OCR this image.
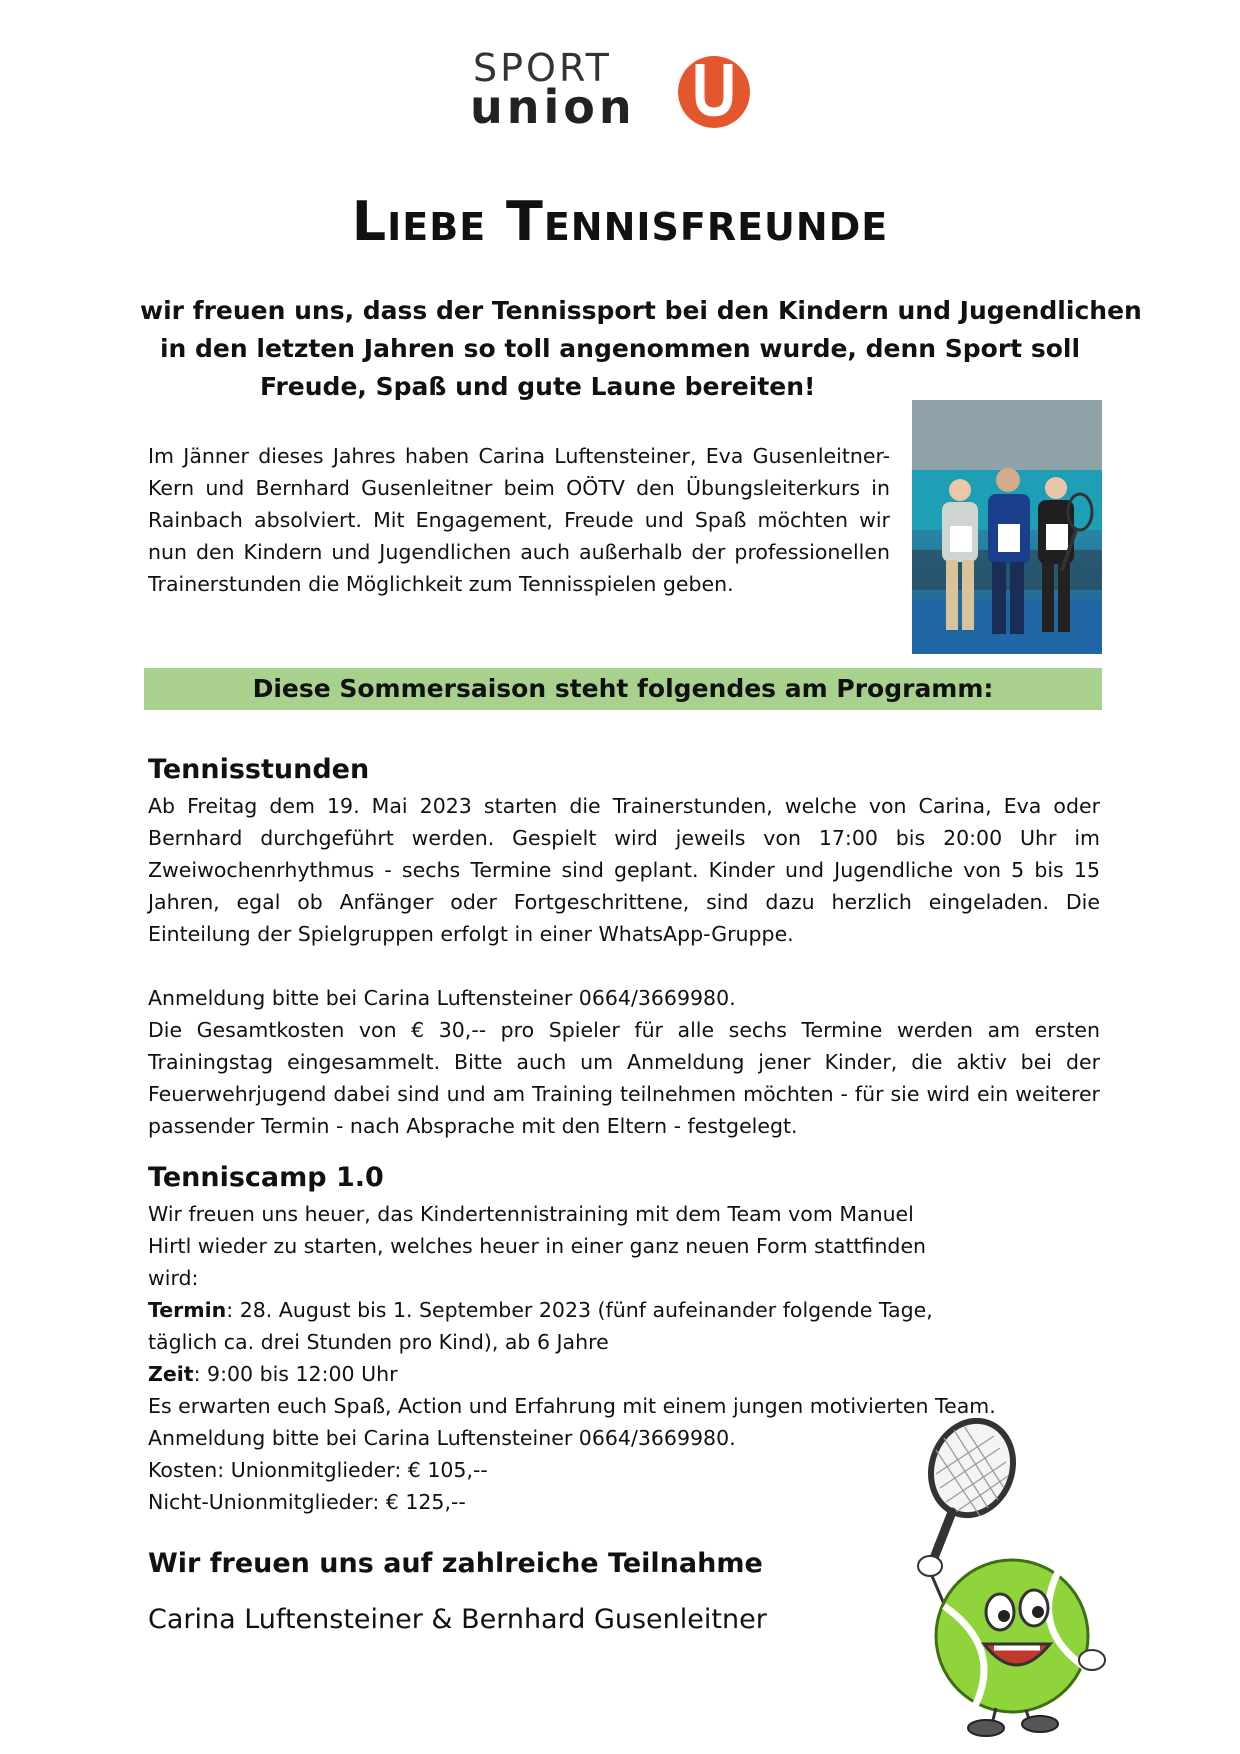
SPORT
union
Liebe Tennisfreunde
wir freuen uns, dass der Tennissport bei den Kindern und Jugendlichen
in den letzten Jahren so toll angenommen wurde, denn Sport soll
Freude, Spaß und gute Laune bereiten!
Im Jänner dieses Jahres haben Carina Luftensteiner, Eva Gusenleitner-Kern und Bernhard Gusenleitner beim OÖTV den Übungsleiterkurs in Rainbach absolviert. Mit Engagement, Freude und Spaß möchten wir nun den Kindern und Jugendlichen auch außerhalb der professionellen Trainerstunden die Möglichkeit zum Tennisspielen geben.
Diese Sommersaison steht folgendes am Programm:
Tennisstunden
Ab Freitag dem 19. Mai 2023 starten die Trainerstunden, welche von Carina, Eva oder Bernhard durchgeführt werden. Gespielt wird jeweils von 17:00 bis 20:00 Uhr im Zweiwochenrhythmus - sechs Termine sind geplant. Kinder und Jugendliche von 5 bis 15 Jahren, egal ob Anfänger oder Fortgeschrittene, sind dazu herzlich eingeladen. Die Einteilung der Spielgruppen erfolgt in einer WhatsApp-Gruppe.
Anmeldung bitte bei Carina Luftensteiner 0664/3669980.
Die Gesamtkosten von € 30,-- pro Spieler für alle sechs Termine werden am ersten Trainingstag eingesammelt. Bitte auch um Anmeldung jener Kinder, die aktiv bei der Feuerwehrjugend dabei sind und am Training teilnehmen möchten - für sie wird ein weiterer passender Termin - nach Absprache mit den Eltern - festgelegt.
Tenniscamp 1.0
Wir freuen uns heuer, das Kindertennistraining mit dem Team vom Manuel Hirtl wieder zu starten, welches heuer in einer ganz neuen Form stattfinden wird:
Termin: 28. August bis 1. September 2023 (fünf aufeinander folgende Tage, täglich ca. drei Stunden pro Kind), ab 6 Jahre
Zeit: 9:00 bis 12:00 Uhr
Es erwarten euch Spaß, Action und Erfahrung mit einem jungen motivierten Team.
Anmeldung bitte bei Carina Luftensteiner 0664/3669980.
Kosten: Unionmitglieder: € 105,--
Nicht-Unionmitglieder: € 125,--
Wir freuen uns auf zahlreiche Teilnahme
Carina Luftensteiner & Bernhard Gusenleitner
